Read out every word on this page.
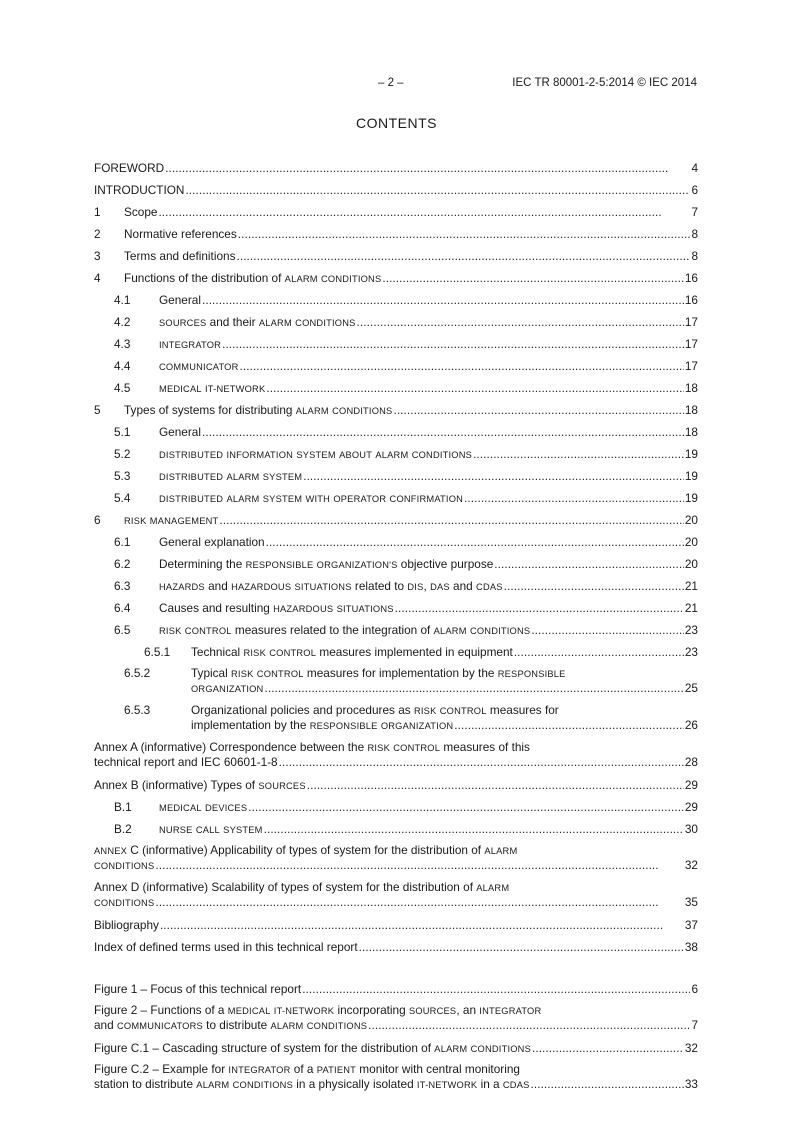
– 2 –	IEC TR 80001-2-5:2014 © IEC 2014
CONTENTS
FOREWORD . . .	4
INTRODUCTION . . .	6
1	Scope . . .	7
2	Normative references . . .	8
3	Terms and definitions . . .	8
4	Functions of the distribution of ALARM CONDITIONS . . .	16
4.1	General . . .	16
4.2	SOURCES and their ALARM CONDITIONS . . .	17
4.3	INTEGRATOR . . .	17
4.4	COMMUNICATOR . . .	17
4.5	MEDICAL IT-NETWORK . . .	18
5	Types of systems for distributing ALARM CONDITIONS . . .	18
5.1	General . . .	18
5.2	DISTRIBUTED INFORMATION SYSTEM ABOUT ALARM CONDITIONS . . .	19
5.3	DISTRIBUTED ALARM SYSTEM . . .	19
5.4	DISTRIBUTED ALARM SYSTEM WITH OPERATOR CONFIRMATION . . .	19
6	RISK MANAGEMENT . . .	20
6.1	General explanation . . .	20
6.2	Determining the RESPONSIBLE ORGANIZATION'S objective purpose . . .	20
6.3	HAZARDS and HAZARDOUS SITUATIONS related to DIS, DAS and CDAS . . .	21
6.4	Causes and resulting HAZARDOUS SITUATIONS . . .	21
6.5	RISK CONTROL measures related to the integration of ALARM CONDITIONS . . .	23
6.5.1	Technical RISK CONTROL measures implemented in equipment . . .	23
6.5.2	Typical RISK CONTROL measures for implementation by the RESPONSIBLE
ORGANIZATION . . .	25
6.5.3	Organizational policies and procedures as RISK CONTROL measures for
implementation by the RESPONSIBLE ORGANIZATION . . .	26
Annex A (informative) Correspondence between the RISK CONTROL measures of this
technical report and IEC 60601-1-8 . . .	28
Annex B (informative) Types of SOURCES . . .	29
B.1	MEDICAL DEVICES . . .	29
B.2	NURSE CALL SYSTEM . . .	30
ANNEX C (informative) Applicability of types of system for the distribution of ALARM
CONDITIONS . . .	32
Annex D (informative) Scalability of types of system for the distribution of ALARM
CONDITIONS . . .	35
Bibliography . . .	37
Index of defined terms used in this technical report . . .	38
Figure 1 – Focus of this technical report . . .	6
Figure 2 – Functions of a MEDICAL IT-NETWORK incorporating SOURCES, an INTEGRATOR
and COMMUNICATORS to distribute ALARM CONDITIONS . . .	7
Figure C.1 – Cascading structure of system for the distribution of ALARM CONDITIONS . . .	32
Figure C.2 – Example for INTEGRATOR of a PATIENT monitor with central monitoring
station to distribute ALARM CONDITIONS in a physically isolated IT-NETWORK in a CDAS . . .	33
